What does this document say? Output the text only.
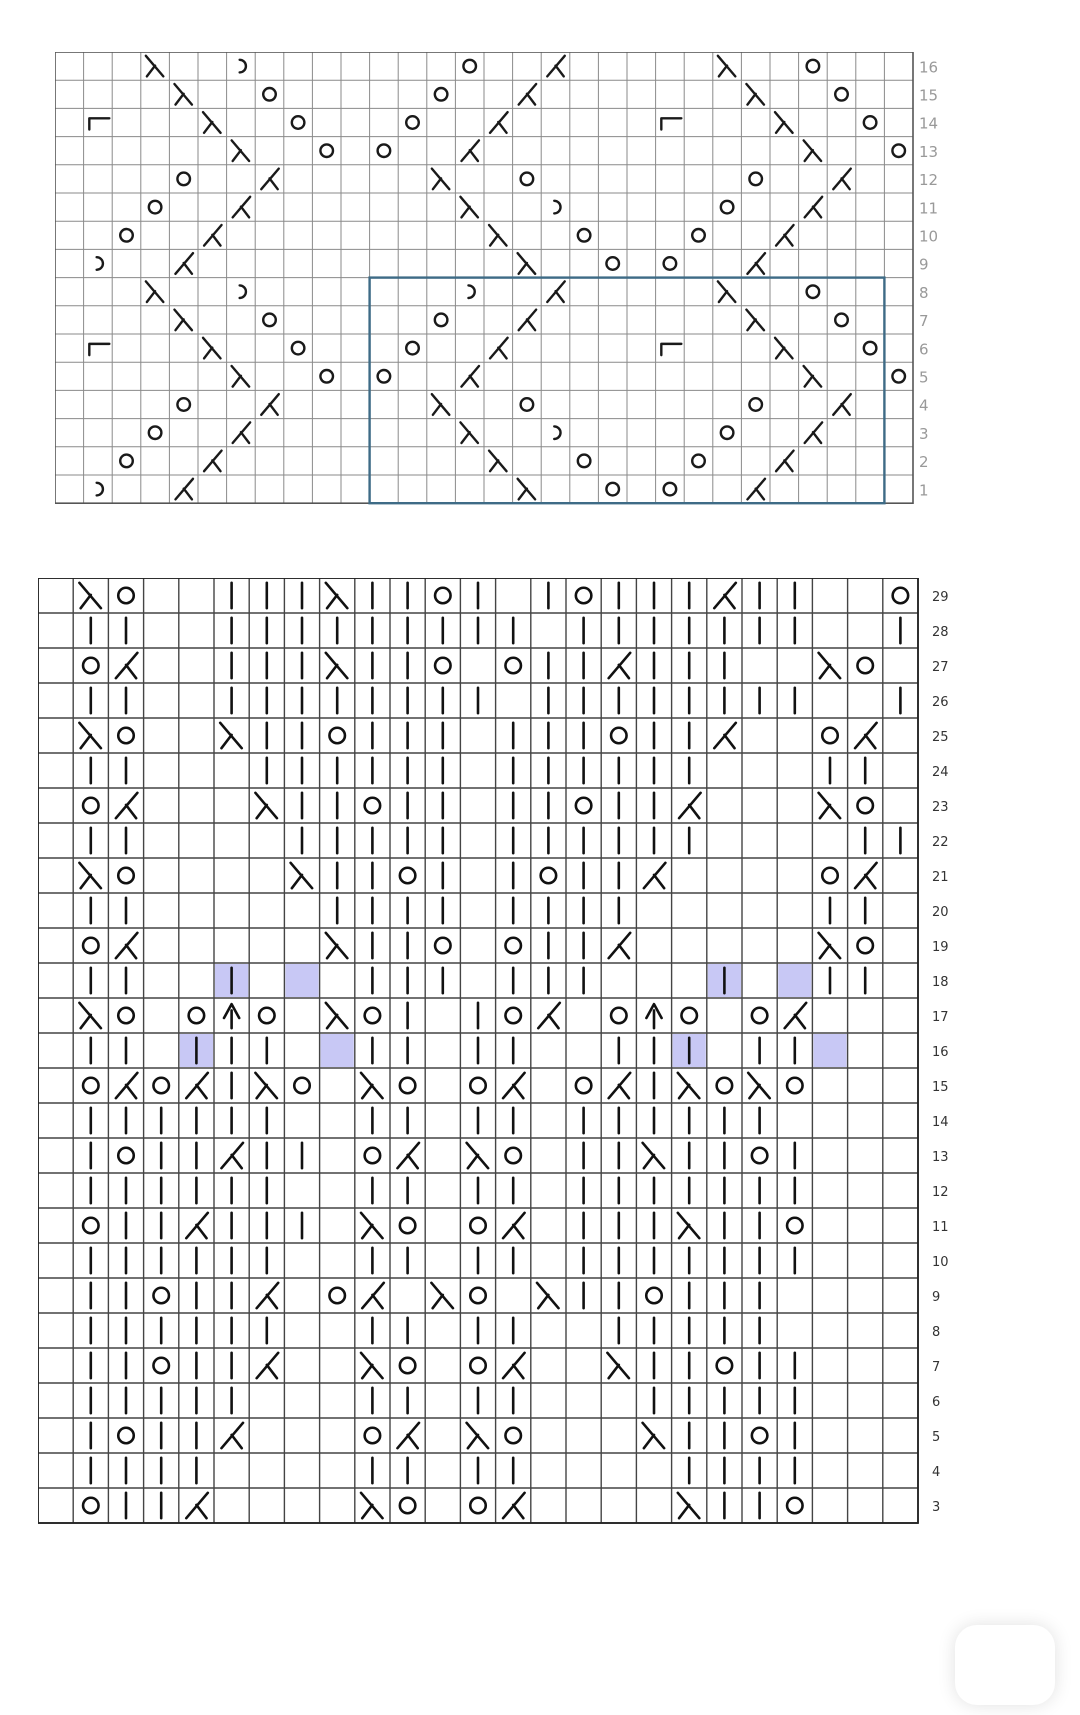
16
15
14
13
12
11
10
9
8
7
6
5
4
3
2
1
29
28
27
26
25
24
23
22
21
20
19
18
17
16
15
14
13
12
11
10
9
8
7
6
5
4
3
